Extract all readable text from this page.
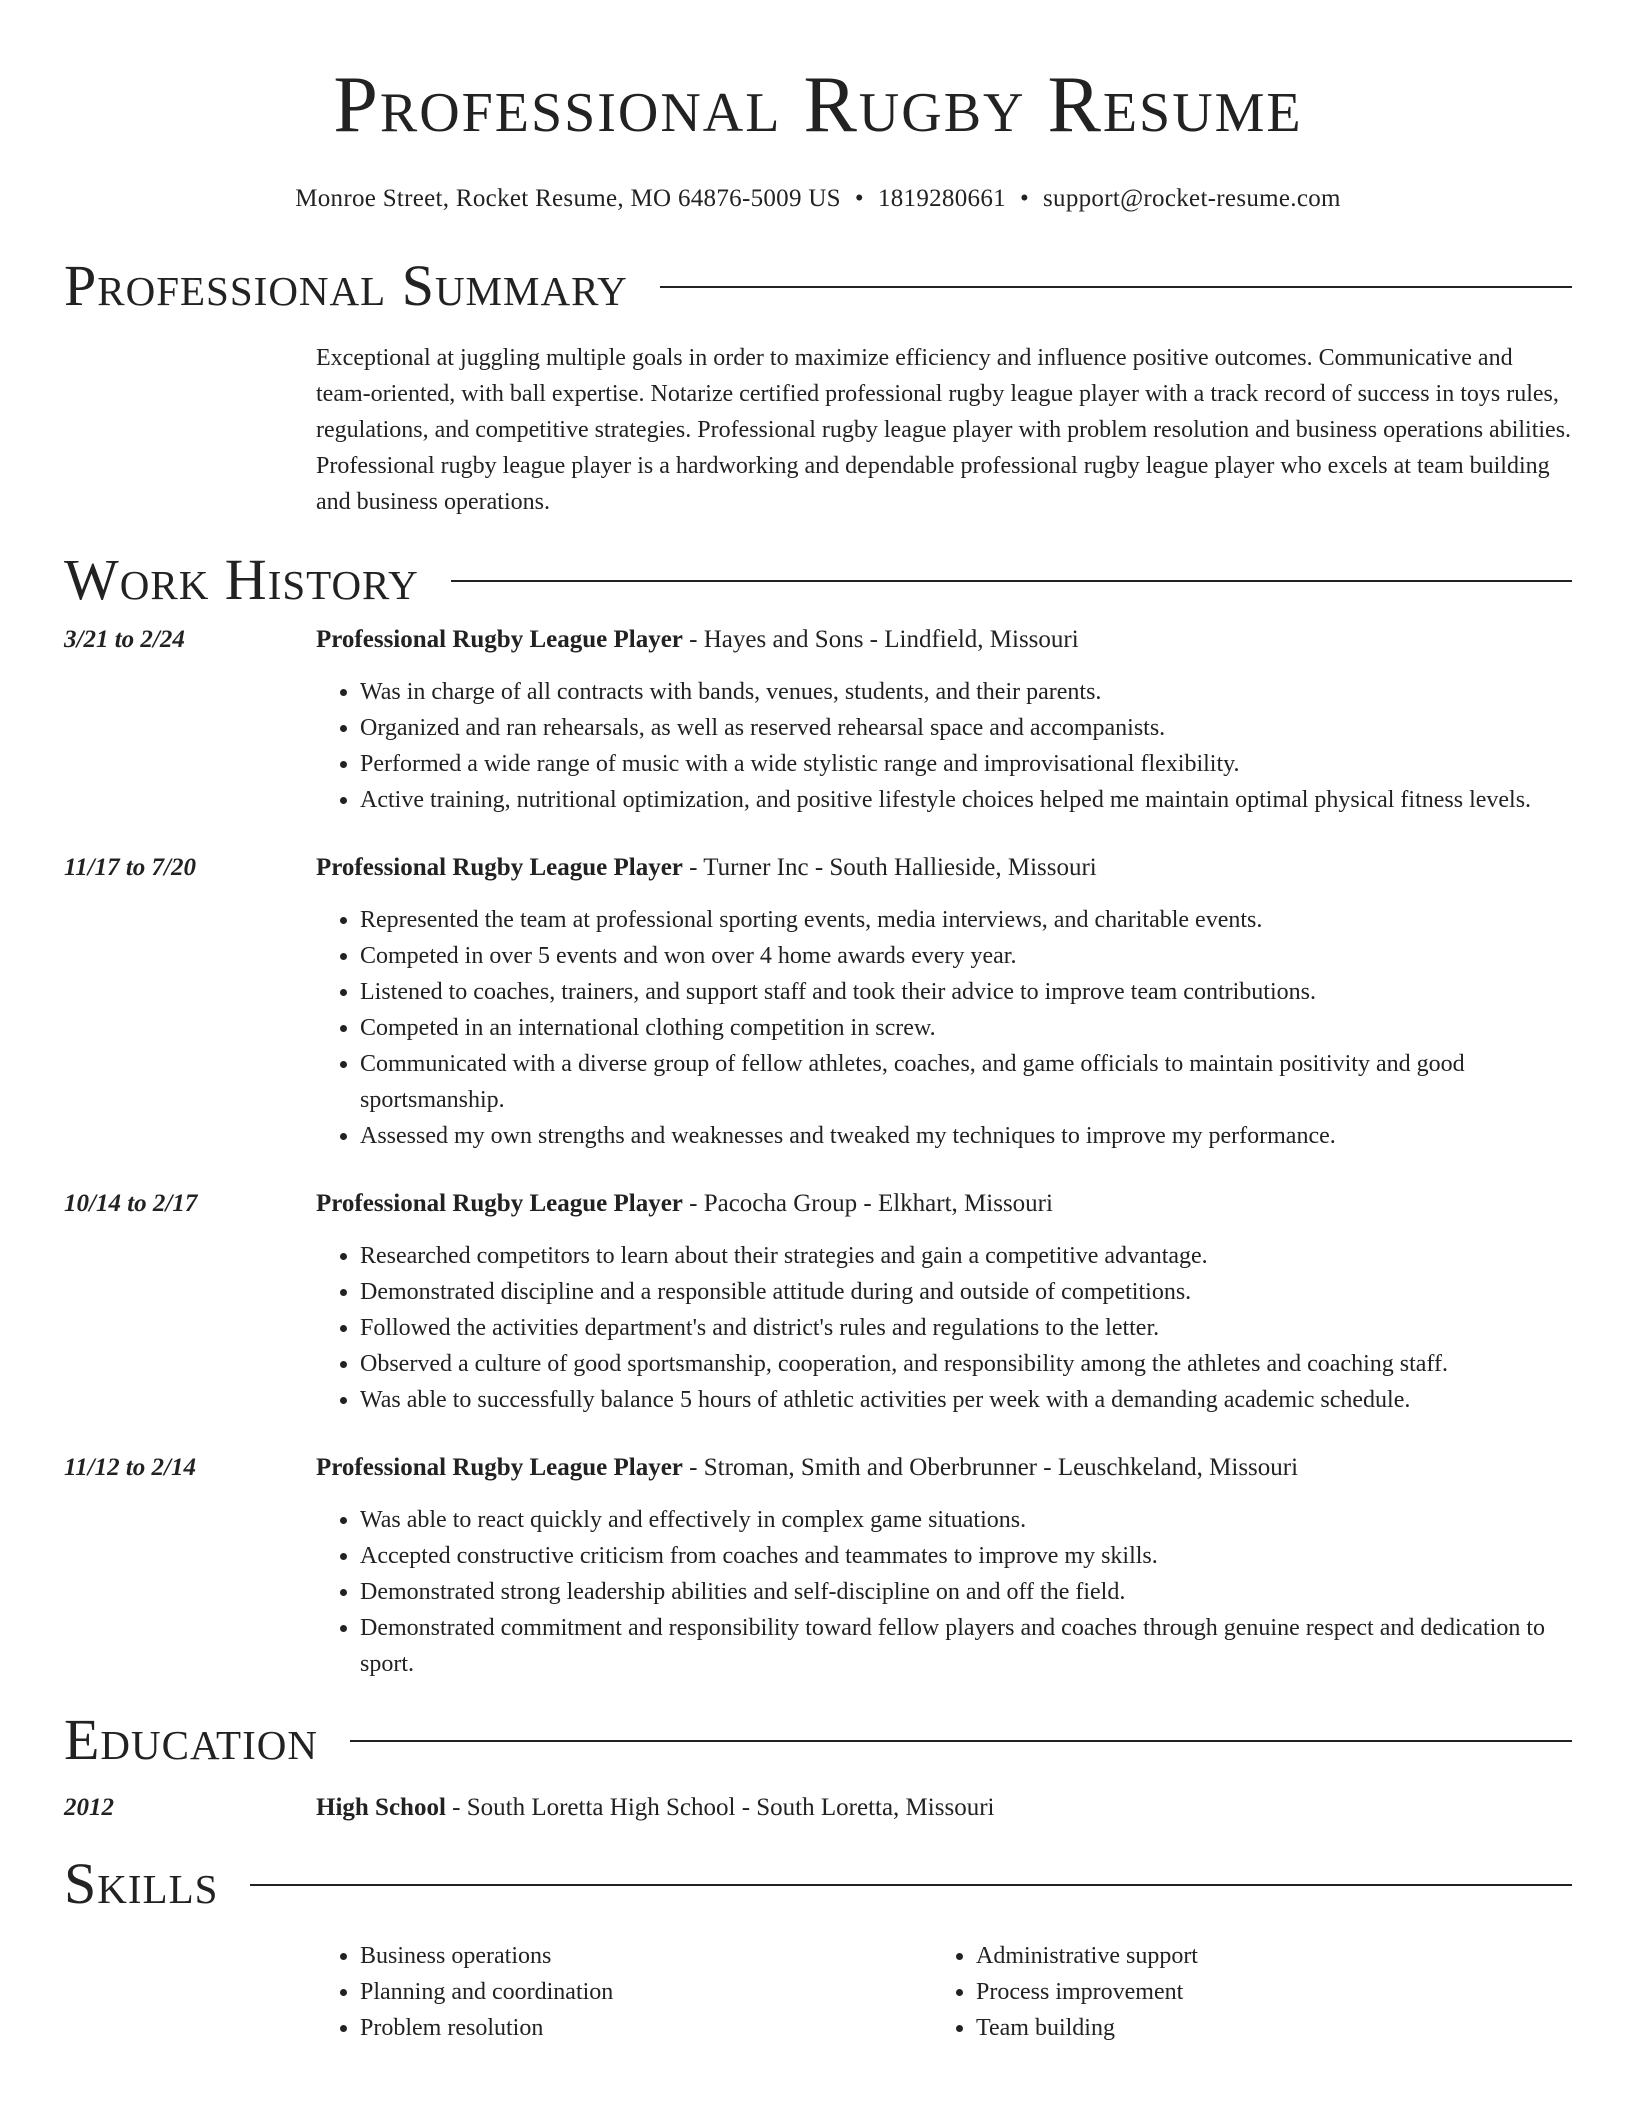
Professional Rugby Resume
Monroe Street, Rocket Resume, MO 64876-5009 US • 1819280661 • support@rocket-resume.com
Professional Summary

Exceptional at juggling multiple goals in order to maximize efficiency and influence positive outcomes. Communicative and team-oriented, with ball expertise. Notarize certified professional rugby league player with a track record of success in toys rules, regulations, and competitive strategies. Professional rugby league player with problem resolution and business operations abilities. Professional rugby league player is a hardworking and dependable professional rugby league player who excels at team building and business operations.

Work History
3/21 to 2/24	Professional Rugby League Player - Hayes and Sons - Lindfield, Missouri
• Was in charge of all contracts with bands, venues, students, and their parents.
• Organized and ran rehearsals, as well as reserved rehearsal space and accompanists.
• Performed a wide range of music with a wide stylistic range and improvisational flexibility.
• Active training, nutritional optimization, and positive lifestyle choices helped me maintain optimal physical fitness levels.
11/17 to 7/20	Professional Rugby League Player - Turner Inc - South Hallieside, Missouri
• Represented the team at professional sporting events, media interviews, and charitable events.
• Competed in over 5 events and won over 4 home awards every year.
• Listened to coaches, trainers, and support staff and took their advice to improve team contributions.
• Competed in an international clothing competition in screw.
• Communicated with a diverse group of fellow athletes, coaches, and game officials to maintain positivity and good sportsmanship.
• Assessed my own strengths and weaknesses and tweaked my techniques to improve my performance.
10/14 to 2/17	Professional Rugby League Player - Pacocha Group - Elkhart, Missouri
• Researched competitors to learn about their strategies and gain a competitive advantage.
• Demonstrated discipline and a responsible attitude during and outside of competitions.
• Followed the activities department's and district's rules and regulations to the letter.
• Observed a culture of good sportsmanship, cooperation, and responsibility among the athletes and coaching staff.
• Was able to successfully balance 5 hours of athletic activities per week with a demanding academic schedule.
11/12 to 2/14	Professional Rugby League Player - Stroman, Smith and Oberbrunner - Leuschkeland, Missouri
• Was able to react quickly and effectively in complex game situations.
• Accepted constructive criticism from coaches and teammates to improve my skills.
• Demonstrated strong leadership abilities and self-discipline on and off the field.
• Demonstrated commitment and responsibility toward fellow players and coaches through genuine respect and dedication to sport.
Education
2012	High School - South Loretta High School - South Loretta, Missouri
Skills
• Business operations
• Planning and coordination
• Problem resolution
• Administrative support
• Process improvement
• Team building
